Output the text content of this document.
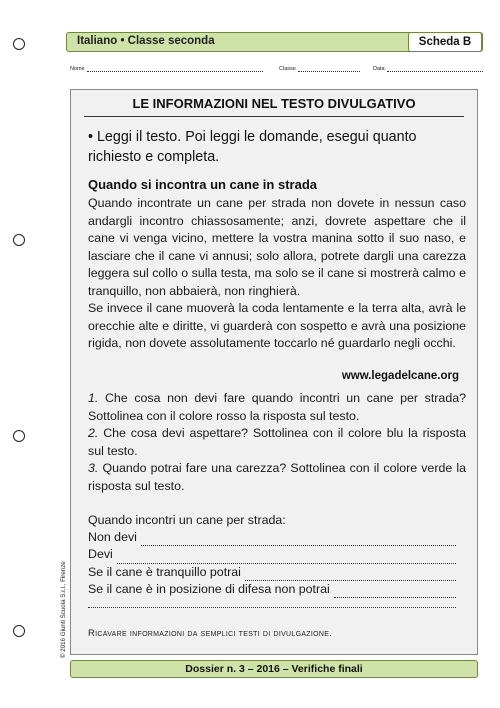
Italiano • Classe seconda	Scheda B
Nome	Classe	Data
LE INFORMAZIONI NEL TESTO DIVULGATIVO
• Leggi il testo. Poi leggi le domande, esegui quanto richiesto e completa.
Quando si incontra un cane in strada

Quando incontrate un cane per strada non dovete in nessun caso andargli incontro chiassosamente; anzi, dovrete aspettare che il cane vi venga vicino, mettere la vostra manina sotto il suo naso, e lasciare che il cane vi annusi; solo allora, potrete dargli una carezza leggera sul collo o sulla testa, ma solo se il cane si mostrerà calmo e tranquillo, non abbaierà, non ringhierà.

Se invece il cane muoverà la coda lentamente e la terra alta, avrà le orecchie alte e diritte, vi guarderà con sospetto e avrà una posizione rigida, non dovete assolutamente toccarlo né guardarlo negli occhi.

www.legadelcane.org

1. Che cosa non devi fare quando incontri un cane per strada? Sottolinea con il colore rosso la risposta sul testo.

2. Che cosa devi aspettare? Sottolinea con il colore blu la risposta sul testo.

3. Quando potrai fare una carezza? Sottolinea con il colore verde la risposta sul testo.

Quando incontri un cane per strada:
Non devi
Devi
Se il cane è tranquillo potrai
Se il cane è in posizione di difesa non potrai
Ricavare informazioni da semplici testi di divulgazione.
© 2016 Giunti Scuola S.r.l., Firenze
Dossier n. 3 – 2016 – Verifiche finali
